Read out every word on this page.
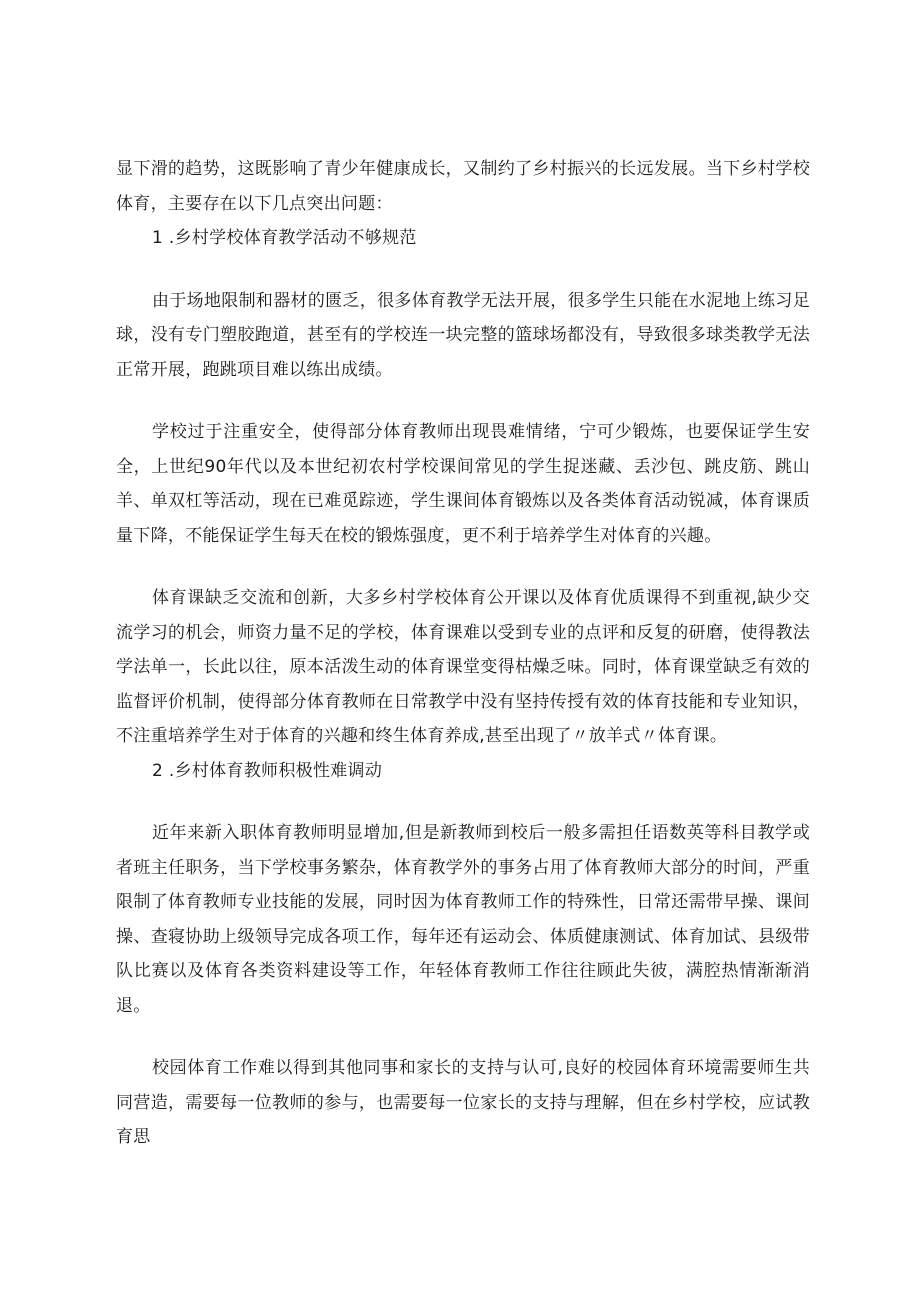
显下滑的趋势，这既影响了青少年健康成长，又制约了乡村振兴的长远发展。当下乡村学校体育，主要存在以下几点突出问题：

1 .乡村学校体育教学活动不够规范

由于场地限制和器材的匮乏，很多体育教学无法开展，很多学生只能在水泥地上练习足球，没有专门塑胶跑道，甚至有的学校连一块完整的篮球场都没有，导致很多球类教学无法正常开展，跑跳项目难以练出成绩。

学校过于注重安全，使得部分体育教师出现畏难情绪，宁可少锻炼，也要保证学生安全，上世纪90年代以及本世纪初农村学校课间常见的学生捉迷藏、丢沙包、跳皮筋、跳山羊、单双杠等活动，现在已难觅踪迹，学生课间体育锻炼以及各类体育活动锐减，体育课质量下降，不能保证学生每天在校的锻炼强度，更不利于培养学生对体育的兴趣。

体育课缺乏交流和创新，大多乡村学校体育公开课以及体育优质课得不到重视,缺少交流学习的机会，师资力量不足的学校，体育课难以受到专业的点评和反复的研磨，使得教法学法单一，长此以往，原本活泼生动的体育课堂变得枯燥乏味。同时，体育课堂缺乏有效的监督评价机制，使得部分体育教师在日常教学中没有坚持传授有效的体育技能和专业知识，不注重培养学生对于体育的兴趣和终生体育养成,甚至出现了〃放羊式〃体育课。

2 .乡村体育教师积极性难调动

近年来新入职体育教师明显增加,但是新教师到校后一般多需担任语数英等科目教学或者班主任职务，当下学校事务繁杂，体育教学外的事务占用了体育教师大部分的时间，严重限制了体育教师专业技能的发展，同时因为体育教师工作的特殊性，日常还需带早操、课间操、查寝协助上级领导完成各项工作，每年还有运动会、体质健康测试、体育加试、县级带队比赛以及体育各类资料建设等工作，年轻体育教师工作往往顾此失彼，满腔热情渐渐消退。

校园体育工作难以得到其他同事和家长的支持与认可,良好的校园体育环境需要师生共同营造，需要每一位教师的参与，也需要每一位家长的支持与理解，但在乡村学校，应试教育思
